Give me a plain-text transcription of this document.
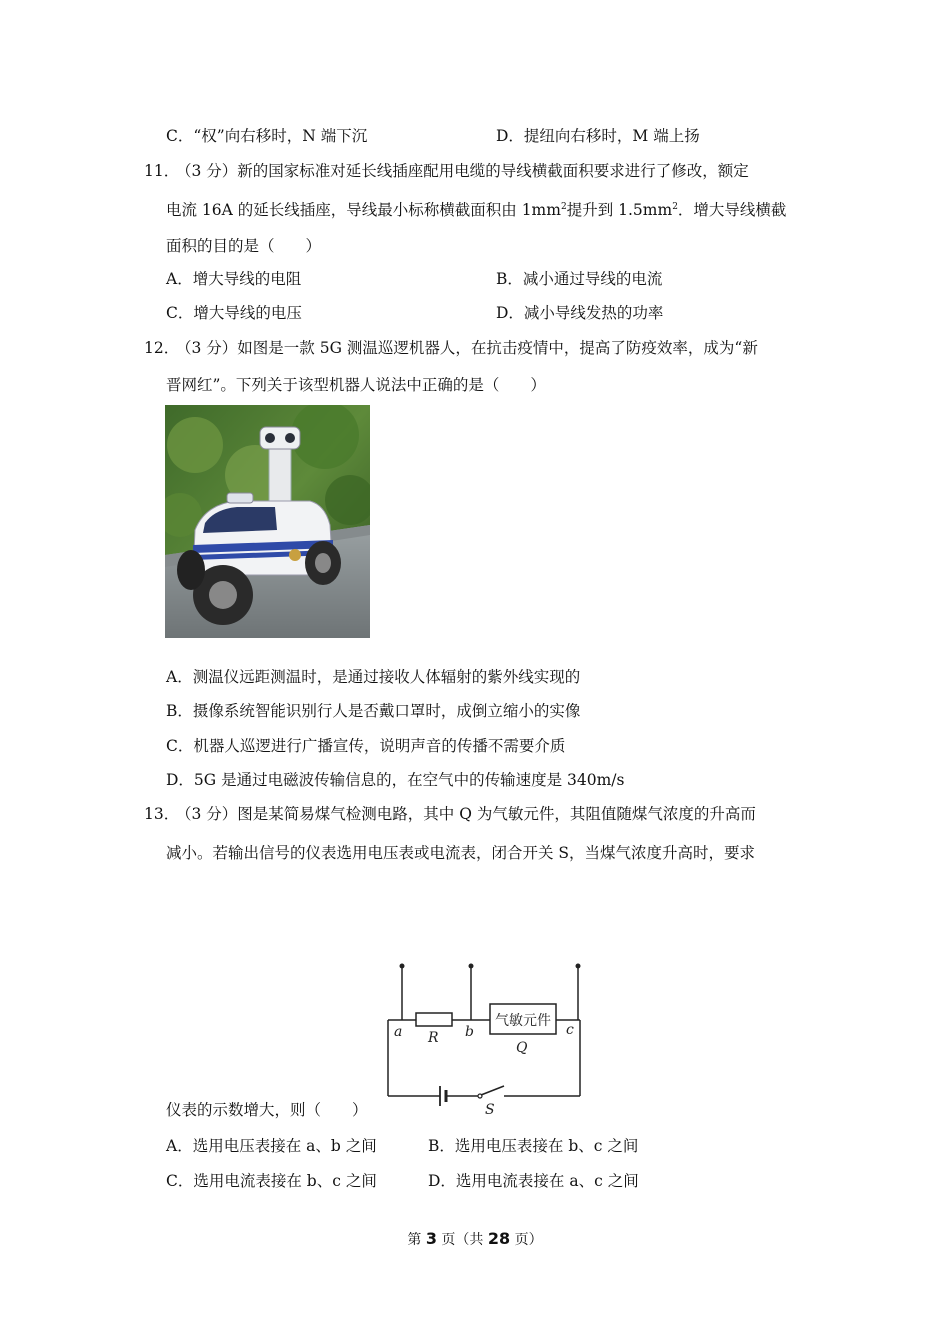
C．“权”向右移时，N 端下沉	D．提纽向右移时，M 端上扬
11．
（3 分）新的国家标准对延长线插座配用电缆的导线横截面积要求进行了修改，额定
电流 16A 的延长线插座，导线最小标称横截面积由 $1mm^2$提升到 $1.5mm^2$．增大导线横截
面积的目的是（　　）
A．增大导线的电阻	B．减小通过导线的电流
C．增大导线的电压	D．减小导线发热的功率
12．
（3 分）如图是一款 5G 测温巡逻机器人，在抗击疫情中，提高了防疫效率，成为“新
晋网红”。下列关于该型机器人说法中正确的是（　　）
A．测温仪远距测温时，是通过接收人体辐射的紫外线实现的
B．摄像系统智能识别行人是否戴口罩时，成倒立缩小的实像
C．机器人巡逻进行广播宣传，说明声音的传播不需要介质
D．5G 是通过电磁波传输信息的，在空气中的传输速度是 340m/s
13．
（3 分）图是某简易煤气检测电路，其中 Q 为气敏元件，其阻值随煤气浓度的升高而
减小。若输出信号的仪表选用电压表或电流表，闭合开关 S，当煤气浓度升高时，要求
a	b	c
R
Q
S
气敏元件
仪表的示数增大，则（　　）
A．选用电压表接在 a、b 之间	B．选用电压表接在 b、c 之间
C．选用电流表接在 b、c 之间	D．选用电流表接在 a、c 之间
第 3 页（共 28 页）
